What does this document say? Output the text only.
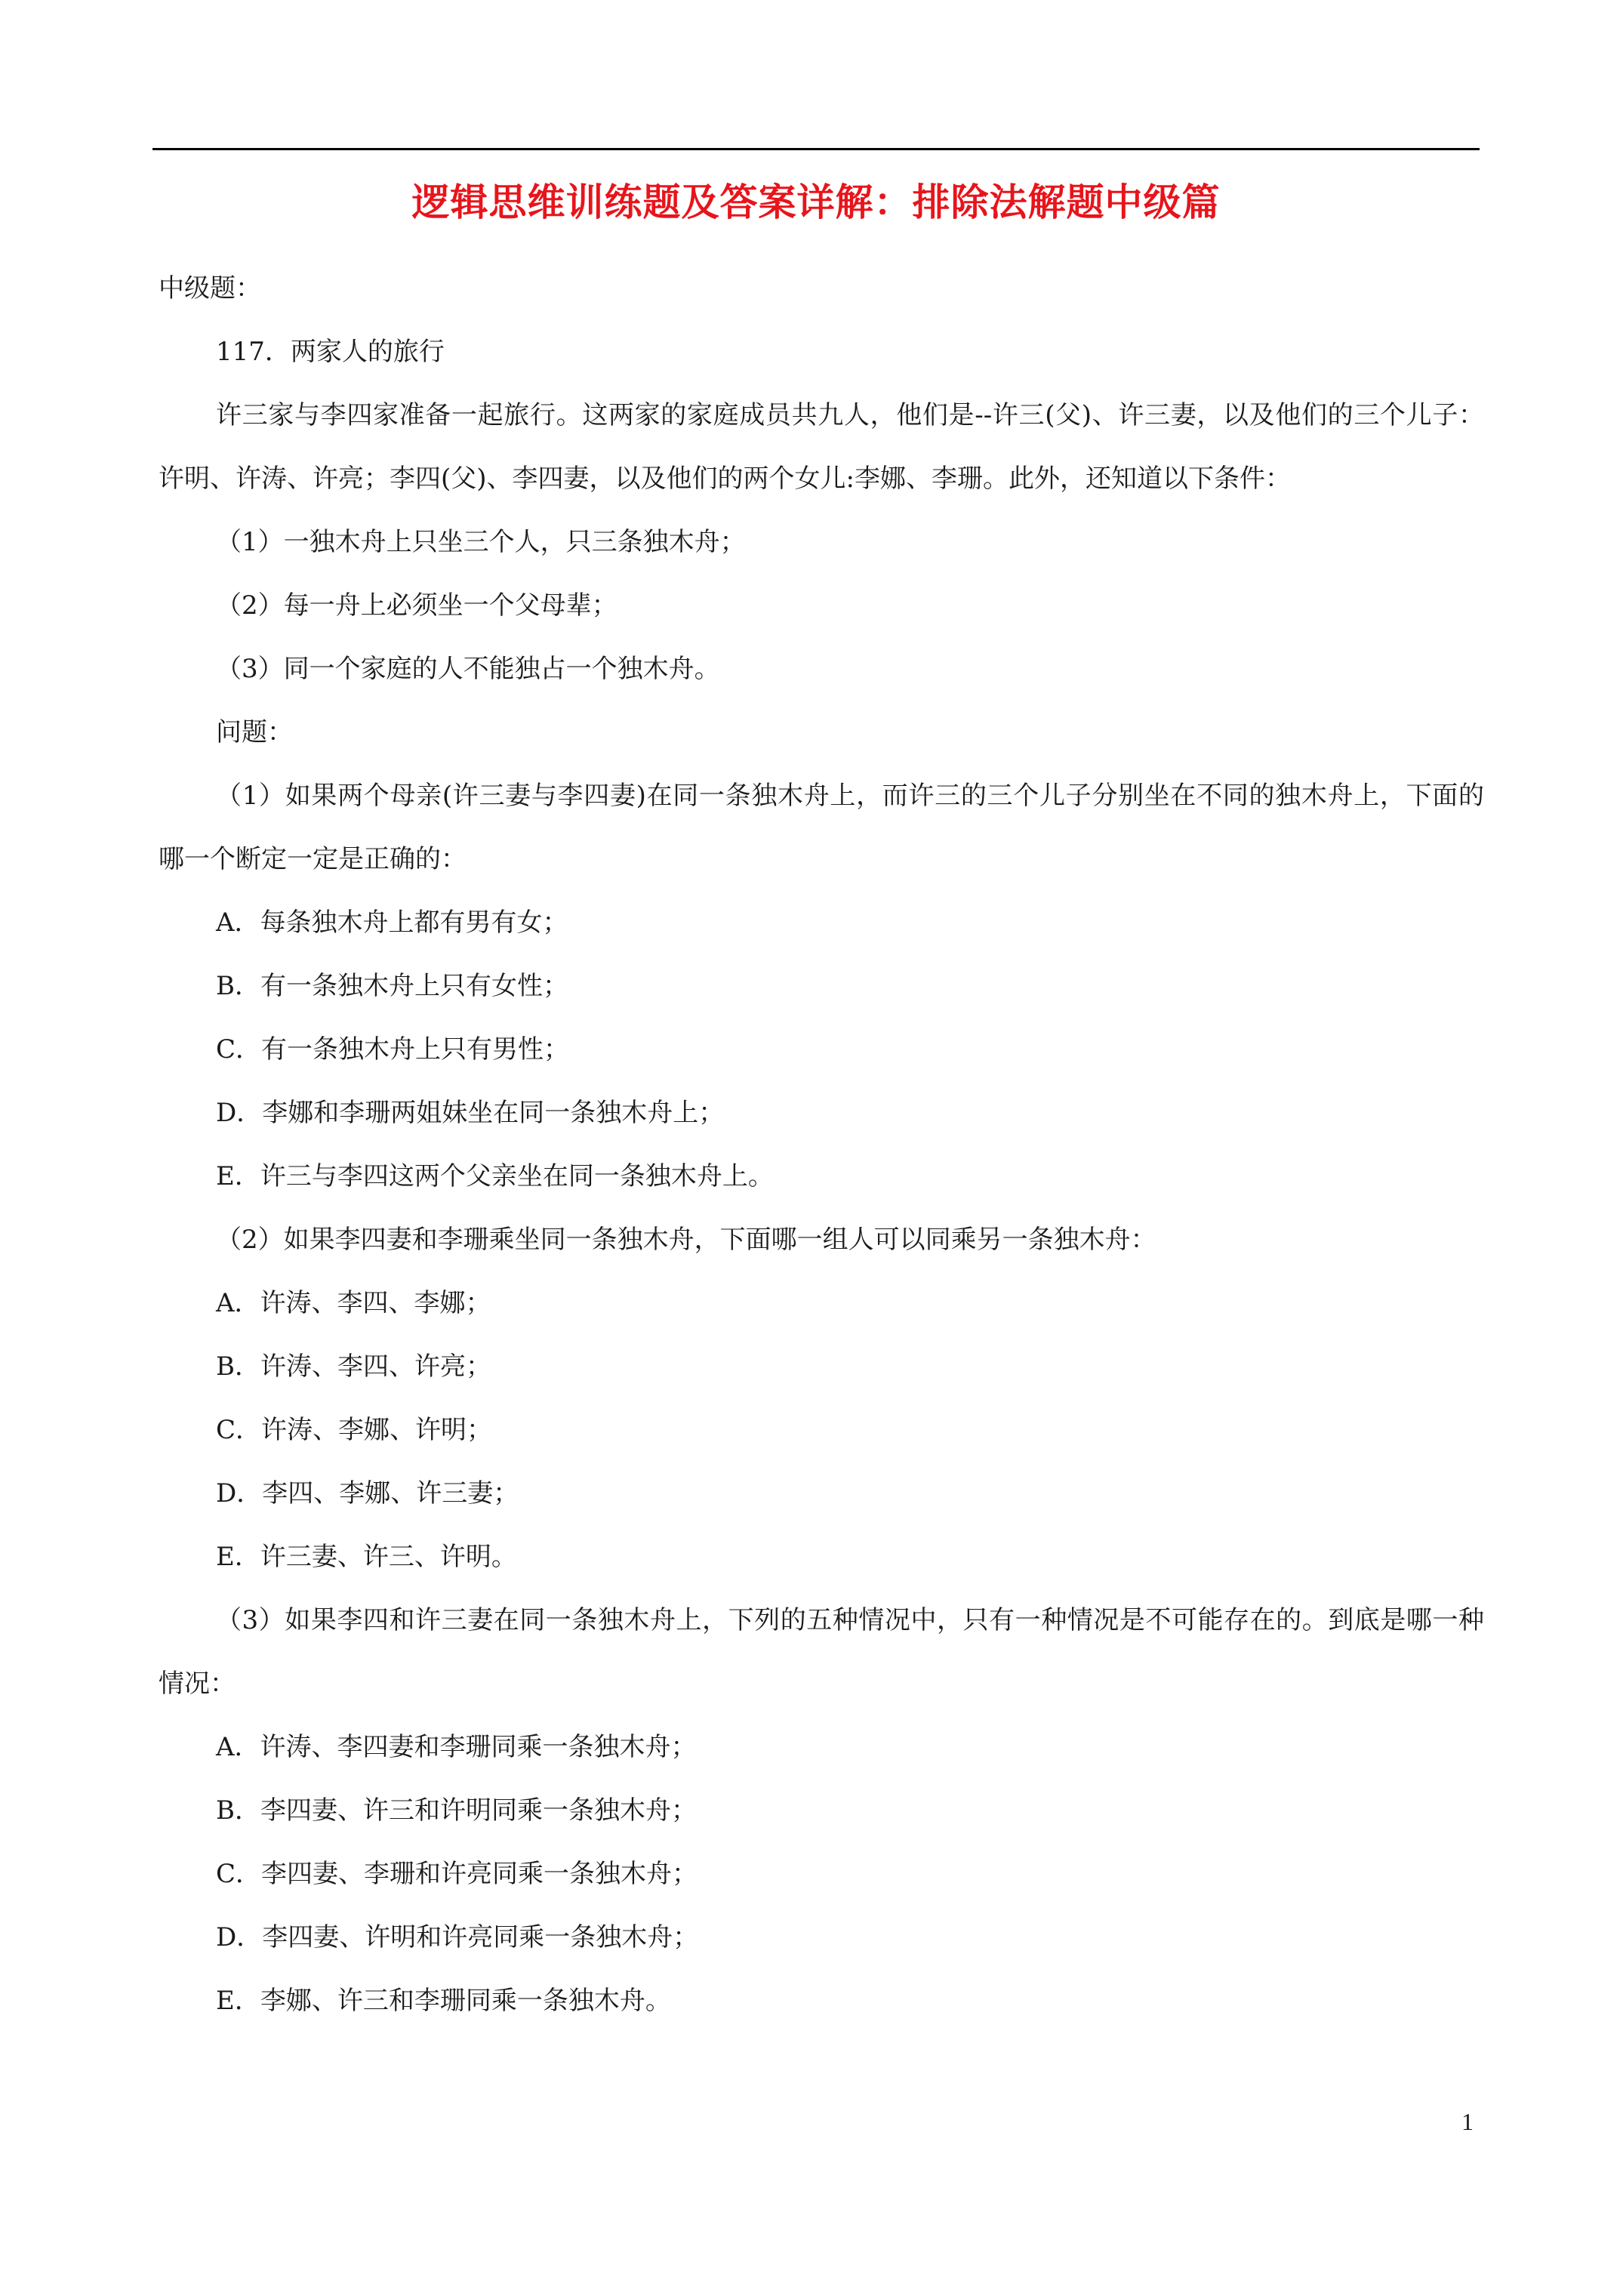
逻辑思维训练题及答案详解：排除法解题中级篇

中级题：

117．两家人的旅行

许三家与李四家准备一起旅行。这两家的家庭成员共九人，他们是--许三(父)、许三妻，以及他们的三个儿子：许明、许涛、许亮；李四(父)、李四妻，以及他们的两个女儿:李娜、李珊。此外，还知道以下条件：

（1）一独木舟上只坐三个人，只三条独木舟；

（2）每一舟上必须坐一个父母辈；

（3）同一个家庭的人不能独占一个独木舟。

问题：

（1）如果两个母亲(许三妻与李四妻)在同一条独木舟上，而许三的三个儿子分别坐在不同的独木舟上，下面的哪一个断定一定是正确的：

A．每条独木舟上都有男有女；

B．有一条独木舟上只有女性；

C．有一条独木舟上只有男性；

D．李娜和李珊两姐妹坐在同一条独木舟上；

E．许三与李四这两个父亲坐在同一条独木舟上。

（2）如果李四妻和李珊乘坐同一条独木舟，下面哪一组人可以同乘另一条独木舟：

A．许涛、李四、李娜；

B．许涛、李四、许亮；

C．许涛、李娜、许明；

D．李四、李娜、许三妻；

E．许三妻、许三、许明。

（3）如果李四和许三妻在同一条独木舟上，下列的五种情况中，只有一种情况是不可能存在的。到底是哪一种情况：

A．许涛、李四妻和李珊同乘一条独木舟；

B．李四妻、许三和许明同乘一条独木舟；

C．李四妻、李珊和许亮同乘一条独木舟；

D．李四妻、许明和许亮同乘一条独木舟；

E．李娜、许三和李珊同乘一条独木舟。

1
